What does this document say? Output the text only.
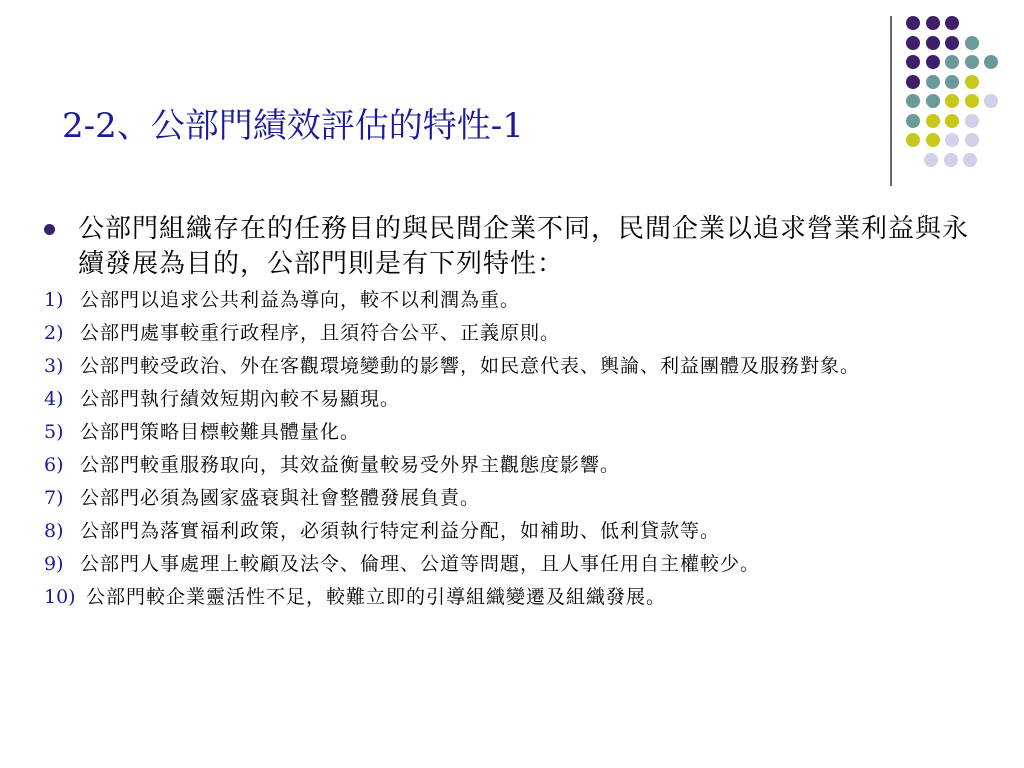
2-2、公部門績效評估的特性-1
公部門組織存在的任務目的與民間企業不同，民間企業以追求營業利益與永續發展為目的，公部門則是有下列特性：
1) 公部門以追求公共利益為導向，較不以利潤為重。
2) 公部門處事較重行政程序，且須符合公平、正義原則。
3) 公部門較受政治、外在客觀環境變動的影響，如民意代表、輿論、利益團體及服務對象。
4) 公部門執行績效短期內較不易顯現。
5) 公部門策略目標較難具體量化。
6) 公部門較重服務取向，其效益衡量較易受外界主觀態度影響。
7) 公部門必須為國家盛衰與社會整體發展負責。
8) 公部門為落實福利政策，必須執行特定利益分配，如補助、低利貸款等。
9) 公部門人事處理上較顧及法令、倫理、公道等問題，且人事任用自主權較少。
10) 公部門較企業靈活性不足，較難立即的引導組織變遷及組織發展。
